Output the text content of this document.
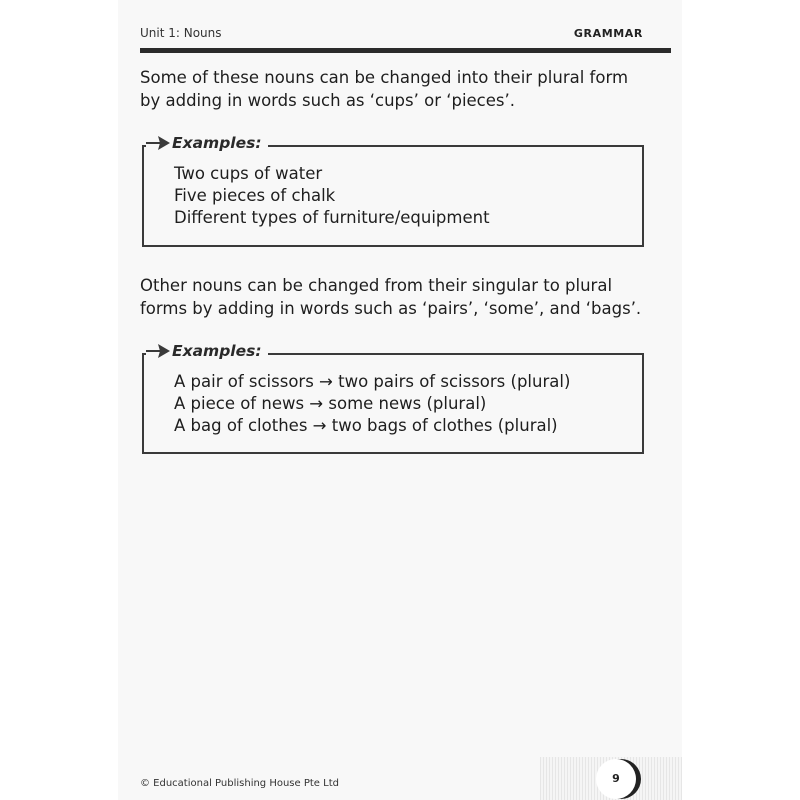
Unit 1: Nouns	GRAMMAR

Some of these nouns can be changed into their plural form
by adding in words such as ‘cups’ or ‘pieces’.

Examples:
Two cups of water
Five pieces of chalk
Different types of furniture/equipment

Other nouns can be changed from their singular to plural
forms by adding in words such as ‘pairs’, ‘some’, and ‘bags’.

Examples:
A pair of scissors → two pairs of scissors (plural)
A piece of news → some news (plural)
A bag of clothes → two bags of clothes (plural)
© Educational Publishing House Pte Ltd	9
